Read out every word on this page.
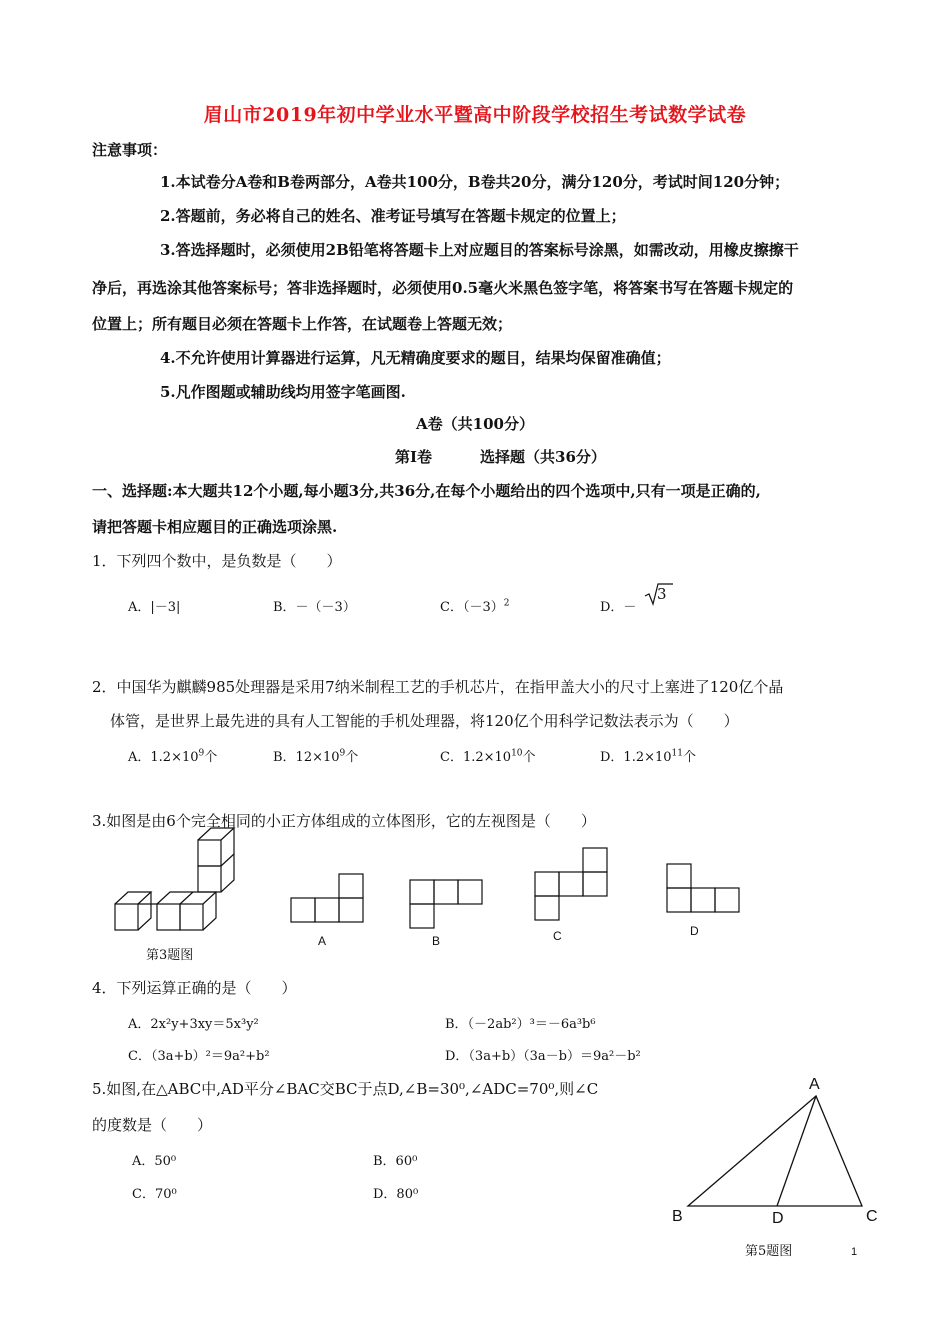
眉山市2019年初中学业水平暨高中阶段学校招生考试数学试卷
注意事项：
1.本试卷分A卷和B卷两部分，A卷共100分，B卷共20分，满分120分，考试时间120分钟；
2.答题前，务必将自己的姓名、准考证号填写在答题卡规定的位置上；
3.答选择题时，必须使用2B铅笔将答题卡上对应题目的答案标号涂黑，如需改动，用橡皮擦擦干
净后，再选涂其他答案标号；答非选择题时，必须使用0.5毫火米黑色签字笔，将答案书写在答题卡规定的
位置上；所有题目必须在答题卡上作答，在试题卷上答题无效；
4.不允许使用计算器进行运算，凡无精确度要求的题目，结果均保留准确值；
5.凡作图题或辅助线均用签字笔画图.
A卷（共100分）
第Ⅰ卷	选择题（共36分）
一、选择题:本大题共12个小题,每小题3分,共36分,在每个小题给出的四个选项中,只有一项是正确的,
请把答题卡相应题目的正确选项涂黑.
1．下列四个数中，是负数是（　　）
A．|－3|	B．－（－3）	C．$(-3)^2$	D．－
3
2．中国华为麒麟985处理器是采用7纳米制程工艺的手机芯片，在指甲盖大小的尺寸上塞进了120亿个晶
体管，是世界上最先进的具有人工智能的手机处理器，将120亿个用科学记数法表示为（　　）
A．$1.2\times 10^9$个	B．$12\times 10^9$个	C．$1.2\times 10^{10}$个	D．$1.2\times 10^{11}$个
3.如图是由6个完全相同的小正方体组成的立体图形，它的左视图是（　　）
第3题图
A	B	C	D
4．下列运算正确的是（　　）
A．2x²y+3xy＝5x³y²	B．（－2ab²）³＝－6a³b⁶
C．（3a+b）²＝9a²+b²	D．（3a+b）（3a－b）＝9a²－b²
5.如图,在△ABC中,AD平分∠BAC交BC于点D,∠B=30⁰,∠ADC=70⁰,则∠C
的度数是（　　）
A．50⁰	B．60⁰
C．70⁰	D．80⁰
A
B	D	C
第5题图	1
